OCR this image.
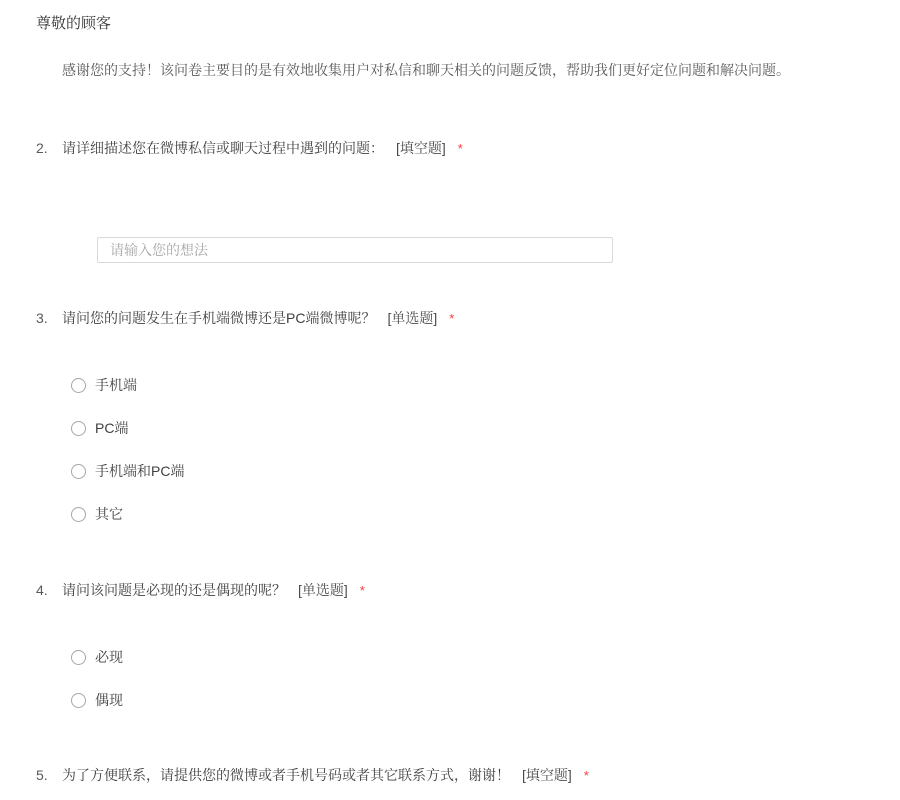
尊敬的顾客

感谢您的支持！该问卷主要目的是有效地收集用户对私信和聊天相关的问题反馈，帮助我们更好定位问题和解决问题。

2. 请详细描述您在微博私信或聊天过程中遇到的问题： [填空题] *
请输入您的想法
3. 请问您的问题发生在手机端微博还是PC端微博呢？ [单选题] *
手机端
PC端
手机端和PC端
其它
4. 请问该问题是必现的还是偶现的呢？ [单选题] *
必现
偶现
5. 为了方便联系，请提供您的微博或者手机号码或者其它联系方式，谢谢！ [填空题] *
